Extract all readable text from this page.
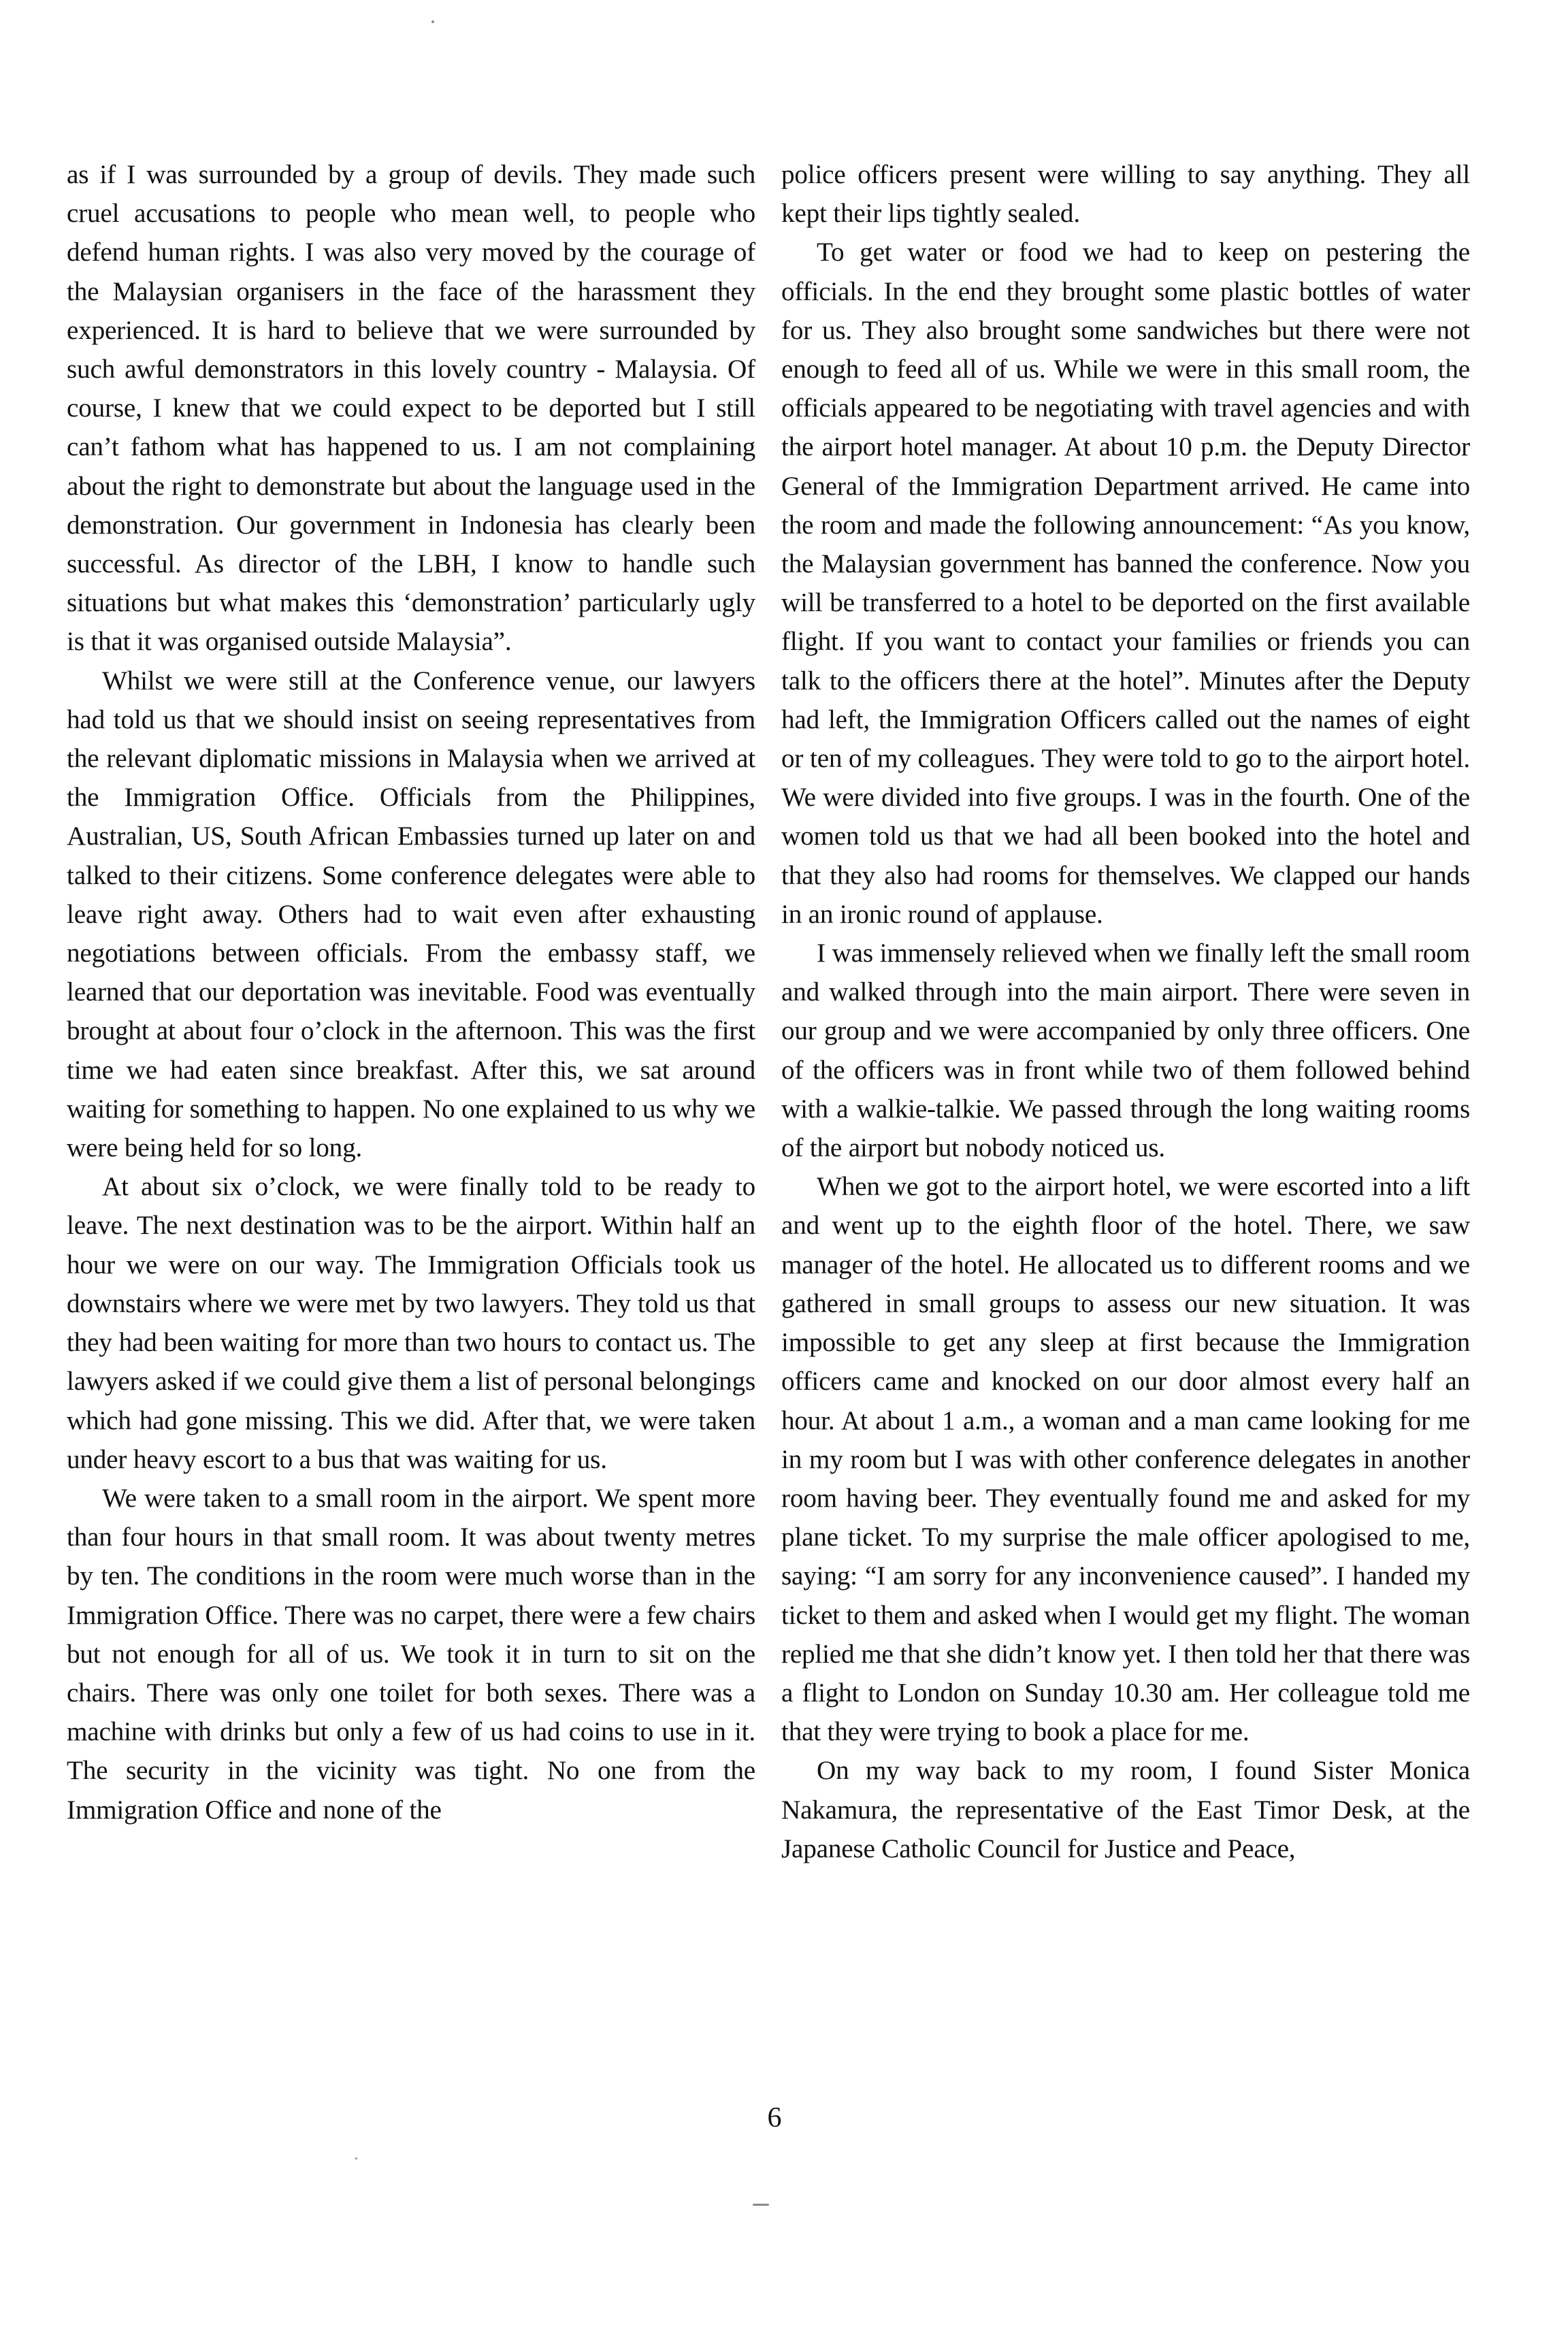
as if I was surrounded by a group of devils. They made such cruel accusations to people who mean well, to people who defend human rights. I was also very moved by the courage of the Malaysian organisers in the face of the harassment they experienced. It is hard to believe that we were surrounded by such awful demonstrators in this lovely country - Malaysia. Of course, I knew that we could expect to be deported but I still can’t fathom what has happened to us. I am not complaining about the right to demonstrate but about the language used in the demonstration. Our government in Indonesia has clearly been successful. As director of the LBH, I know to handle such situations but what makes this ‘demonstration’ particularly ugly is that it was organised outside Malaysia”.

Whilst we were still at the Conference venue, our lawyers had told us that we should insist on seeing representatives from the relevant diplomatic missions in Malaysia when we arrived at the Immigration Office. Officials from the Philippines, Australian, US, South African Embassies turned up later on and talked to their citizens. Some conference delegates were able to leave right away. Others had to wait even after exhausting negotiations between officials. From the embassy staff, we learned that our deportation was inevitable. Food was eventually brought at about four o’clock in the afternoon. This was the first time we had eaten since breakfast. After this, we sat around waiting for something to happen. No one explained to us why we were being held for so long.

At about six o’clock, we were finally told to be ready to leave. The next destination was to be the airport. Within half an hour we were on our way. The Immigration Officials took us downstairs where we were met by two lawyers. They told us that they had been waiting for more than two hours to contact us. The lawyers asked if we could give them a list of personal belongings which had gone missing. This we did. After that, we were taken under heavy escort to a bus that was waiting for us.

We were taken to a small room in the airport. We spent more than four hours in that small room. It was about twenty metres by ten. The conditions in the room were much worse than in the Immigration Office. There was no carpet, there were a few chairs but not enough for all of us. We took it in turn to sit on the chairs. There was only one toilet for both sexes. There was a machine with drinks but only a few of us had coins to use in it. The security in the vicinity was tight. No one from the Immigration Office and none of the

police officers present were willing to say anything. They all kept their lips tightly sealed.

To get water or food we had to keep on pestering the officials. In the end they brought some plastic bottles of water for us. They also brought some sandwiches but there were not enough to feed all of us. While we were in this small room, the officials appeared to be negotiating with travel agencies and with the airport hotel manager. At about 10 p.m. the Deputy Director General of the Immigration Department arrived. He came into the room and made the following announcement: “As you know, the Malaysian government has banned the conference. Now you will be transferred to a hotel to be deported on the first available flight. If you want to contact your families or friends you can talk to the officers there at the hotel”. Minutes after the Deputy had left, the Immigration Officers called out the names of eight or ten of my colleagues. They were told to go to the airport hotel. We were divided into five groups. I was in the fourth. One of the women told us that we had all been booked into the hotel and that they also had rooms for themselves. We clapped our hands in an ironic round of applause.

I was immensely relieved when we finally left the small room and walked through into the main airport. There were seven in our group and we were accompanied by only three officers. One of the officers was in front while two of them followed behind with a walkie-talkie. We passed through the long waiting rooms of the airport but nobody noticed us.

When we got to the airport hotel, we were escorted into a lift and went up to the eighth floor of the hotel. There, we saw manager of the hotel. He allocated us to different rooms and we gathered in small groups to assess our new situation. It was impossible to get any sleep at first because the Immigration officers came and knocked on our door almost every half an hour. At about 1 a.m., a woman and a man came looking for me in my room but I was with other conference delegates in another room having beer. They eventually found me and asked for my plane ticket. To my surprise the male officer apologised to me, saying: “I am sorry for any inconvenience caused”. I handed my ticket to them and asked when I would get my flight. The woman replied me that she didn’t know yet. I then told her that there was a flight to London on Sunday 10.30 am. Her colleague told me that they were trying to book a place for me.

On my way back to my room, I found Sister Monica Nakamura, the representative of the East Timor Desk, at the Japanese Catholic Council for Justice and Peace,

6
